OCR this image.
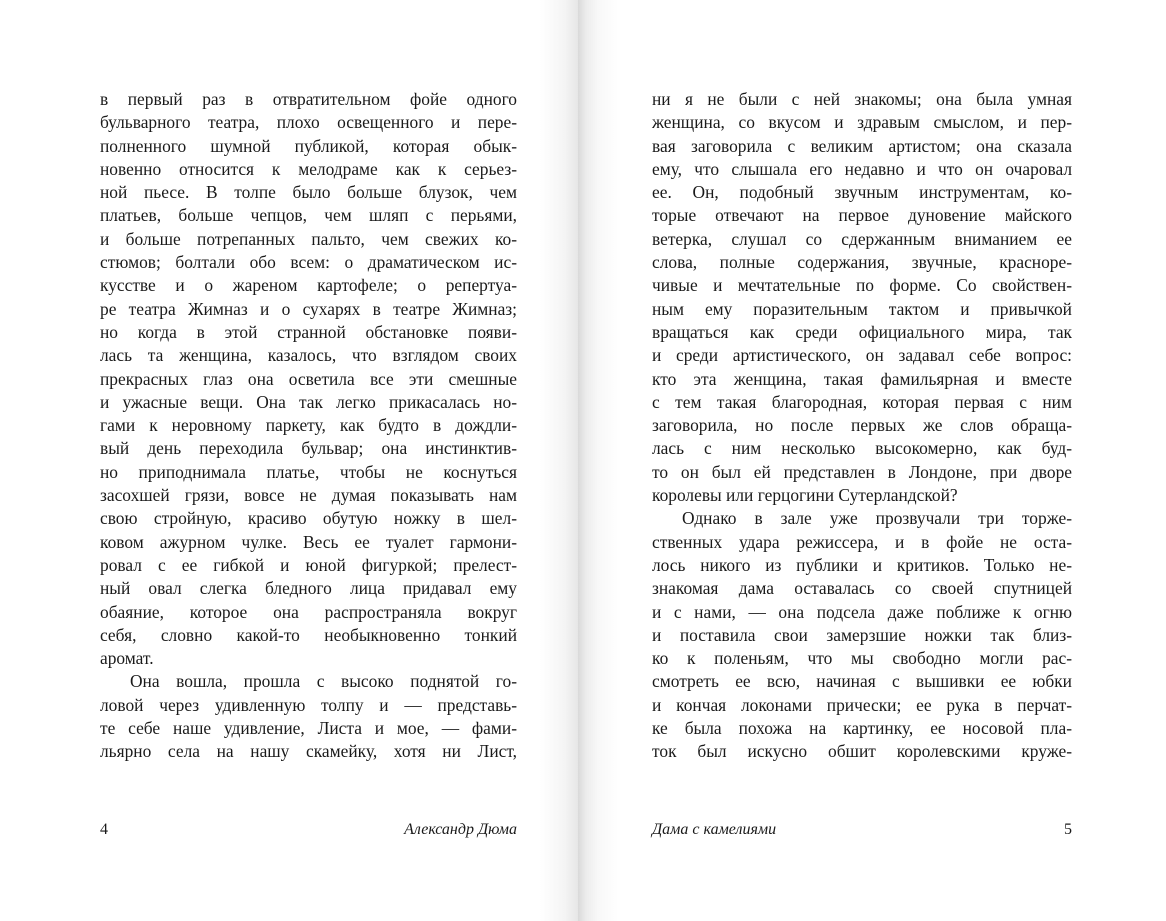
в первый раз в отвратительном фойе одного
бульварного театра, плохо освещенного и пере-
полненного шумной публикой, которая обык-
новенно относится к мелодраме как к серьез-
ной пьесе. В толпе было больше блузок, чем
платьев, больше чепцов, чем шляп с перьями,
и больше потрепанных пальто, чем свежих ко-
стюмов; болтали обо всем: о драматическом ис-
кусстве и о жареном картофеле; о репертуа-
ре театра Жимназ и о сухарях в театре Жимназ;
но когда в этой странной обстановке появи-
лась та женщина, казалось, что взглядом своих
прекрасных глаз она осветила все эти смешные
и ужасные вещи. Она так легко прикасалась но-
гами к неровному паркету, как будто в дождли-
вый день переходила бульвар; она инстинктив-
но приподнимала платье, чтобы не коснуться
засохшей грязи, вовсе не думая показывать нам
свою стройную, красиво обутую ножку в шел-
ковом ажурном чулке. Весь ее туалет гармони-
ровал с ее гибкой и юной фигуркой; прелест-
ный овал слегка бледного лица придавал ему
обаяние, которое она распространяла вокруг
себя, словно какой-то необыкновенно тонкий
аромат.
Она вошла, прошла с высоко поднятой го-
ловой через удивленную толпу и — представь-
те себе наше удивление, Листа и мое, — фами-
льярно села на нашу скамейку, хотя ни Лист,
4	Александр Дюма
ни я не были с ней знакомы; она была умная
женщина, со вкусом и здравым смыслом, и пер-
вая заговорила с великим артистом; она сказала
ему, что слышала его недавно и что он очаровал
ее. Он, подобный звучным инструментам, ко-
торые отвечают на первое дуновение майского
ветерка, слушал со сдержанным вниманием ее
слова, полные содержания, звучные, красноре-
чивые и мечтательные по форме. Со свойствен-
ным ему поразительным тактом и привычкой
вращаться как среди официального мира, так
и среди артистического, он задавал себе вопрос:
кто эта женщина, такая фамильярная и вместе
с тем такая благородная, которая первая с ним
заговорила, но после первых же слов обраща-
лась с ним несколько высокомерно, как буд-
то он был ей представлен в Лондоне, при дворе
королевы или герцогини Сутерландской?
Однако в зале уже прозвучали три торже-
ственных удара режиссера, и в фойе не оста-
лось никого из публики и критиков. Только не-
знакомая дама оставалась со своей спутницей
и с нами, — она подсела даже поближе к огню
и поставила свои замерзшие ножки так близ-
ко к поленьям, что мы свободно могли рас-
смотреть ее всю, начиная с вышивки ее юбки
и кончая локонами прически; ее рука в перчат-
ке была похожа на картинку, ее носовой пла-
ток был искусно обшит королевскими круже-
Дама с камелиями	5
